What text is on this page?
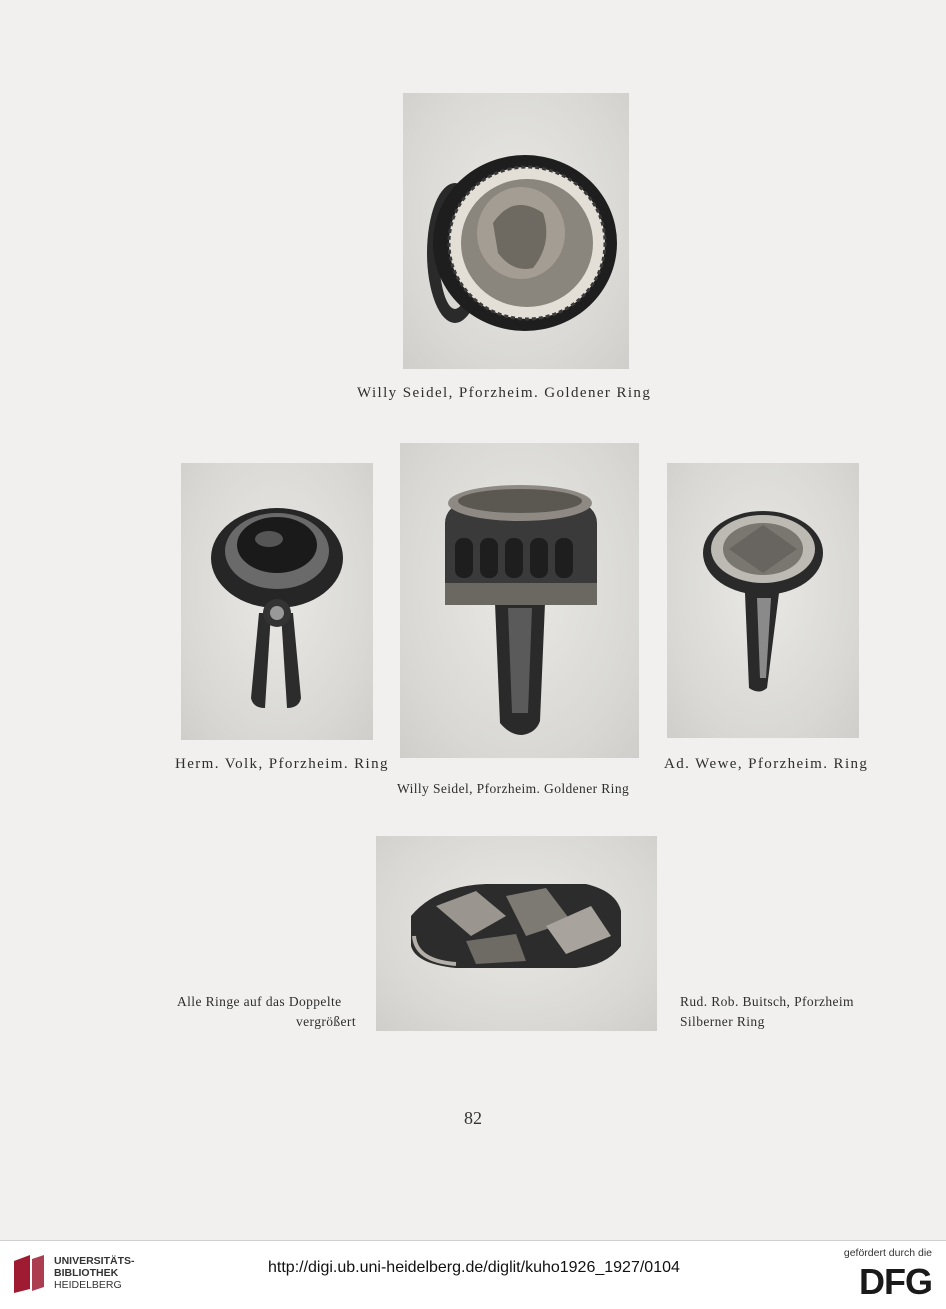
Willy Seidel, Pforzheim. Goldener Ring
Herm. Volk, Pforzheim. Ring
Willy Seidel, Pforzheim. Goldener Ring
Ad. Wewe, Pforzheim. Ring
Alle Ringe auf das Doppelte
vergrößert
Rud. Rob. Buitsch, Pforzheim
Silberner Ring
82
UNIVERSITÄTS-
BIBLIOTHEK
HEIDELBERG
http://digi.ub.uni-heidelberg.de/diglit/kuho1926_1927/0104
gefördert durch die
DFG
